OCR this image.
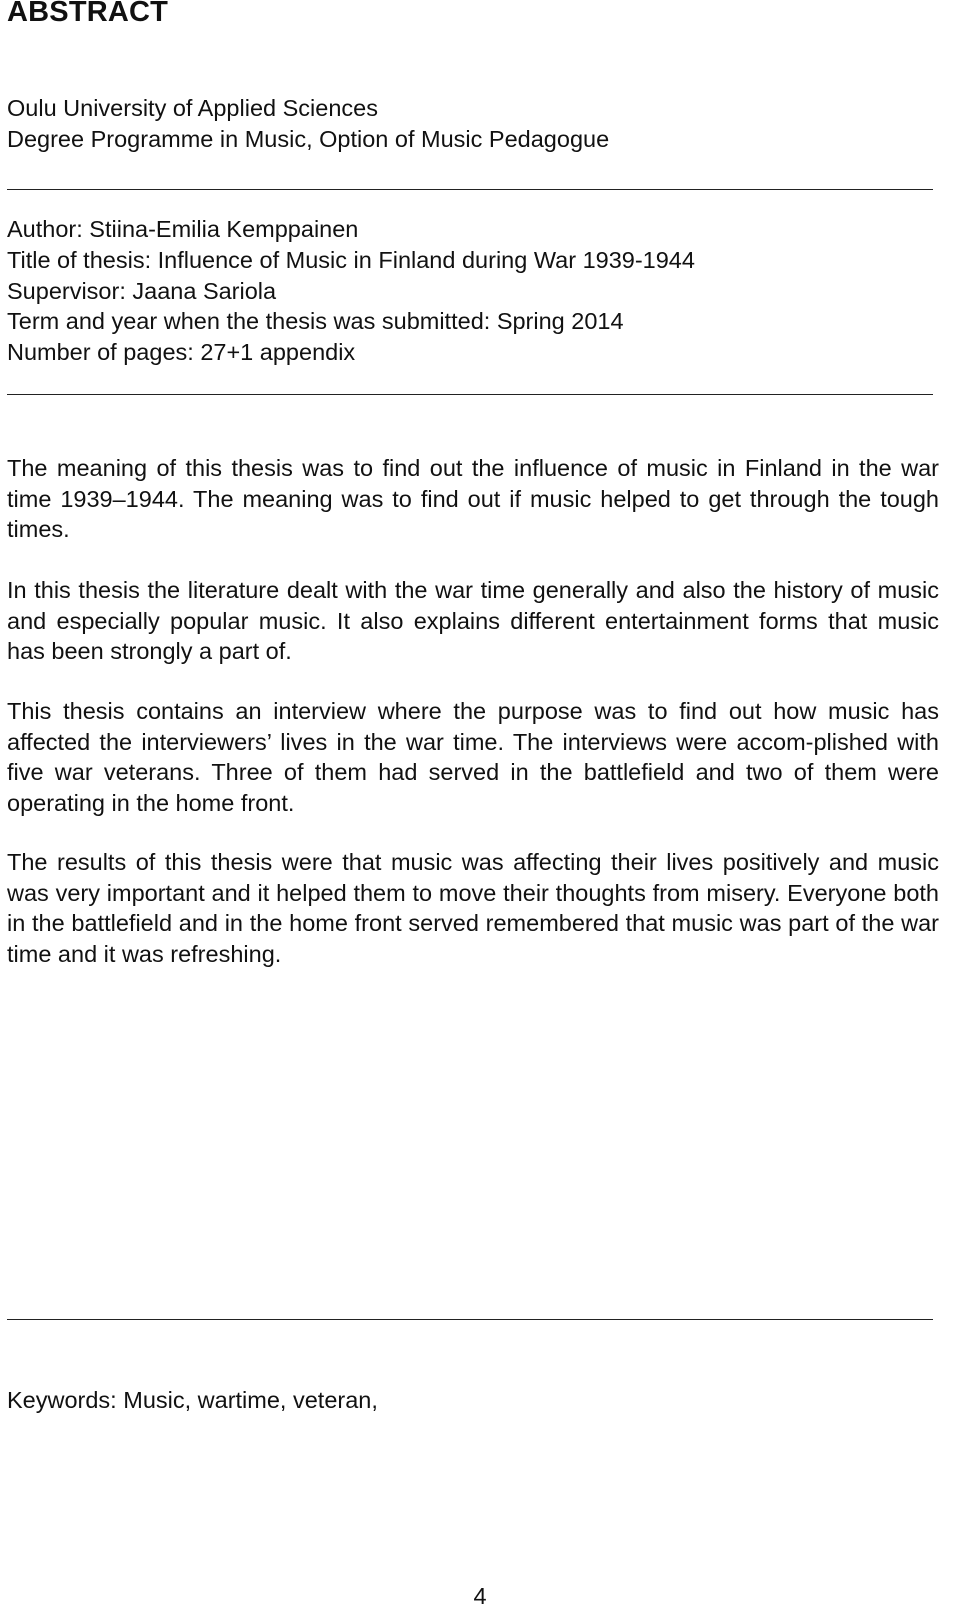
ABSTRACT
Oulu University of Applied Sciences
Degree Programme in Music, Option of Music Pedagogue
Author: Stiina-Emilia Kemppainen
Title of thesis: Influence of Music in Finland during War 1939-1944
Supervisor: Jaana Sariola
Term and year when the thesis was submitted: Spring 2014
Number of pages: 27+1 appendix

The meaning of this thesis was to find out the influence of music in Finland in the war time 1939–1944. The meaning was to find out if music helped to get through the tough times.

In this thesis the literature dealt with the war time generally and also the history of music and especially popular music. It also explains different entertainment forms that music has been strongly a part of.

This thesis contains an interview where the purpose was to find out how music has affected the interviewers’ lives in the war time. The interviews were accom-plished with five war veterans. Three of them had served in the battlefield and two of them were operating in the home front.

The results of this thesis were that music was affecting their lives positively and music was very important and it helped them to move their thoughts from misery. Everyone both in the battlefield and in the home front served remembered that music was part of the war time and it was refreshing.

Keywords: Music, wartime, veteran,
4
